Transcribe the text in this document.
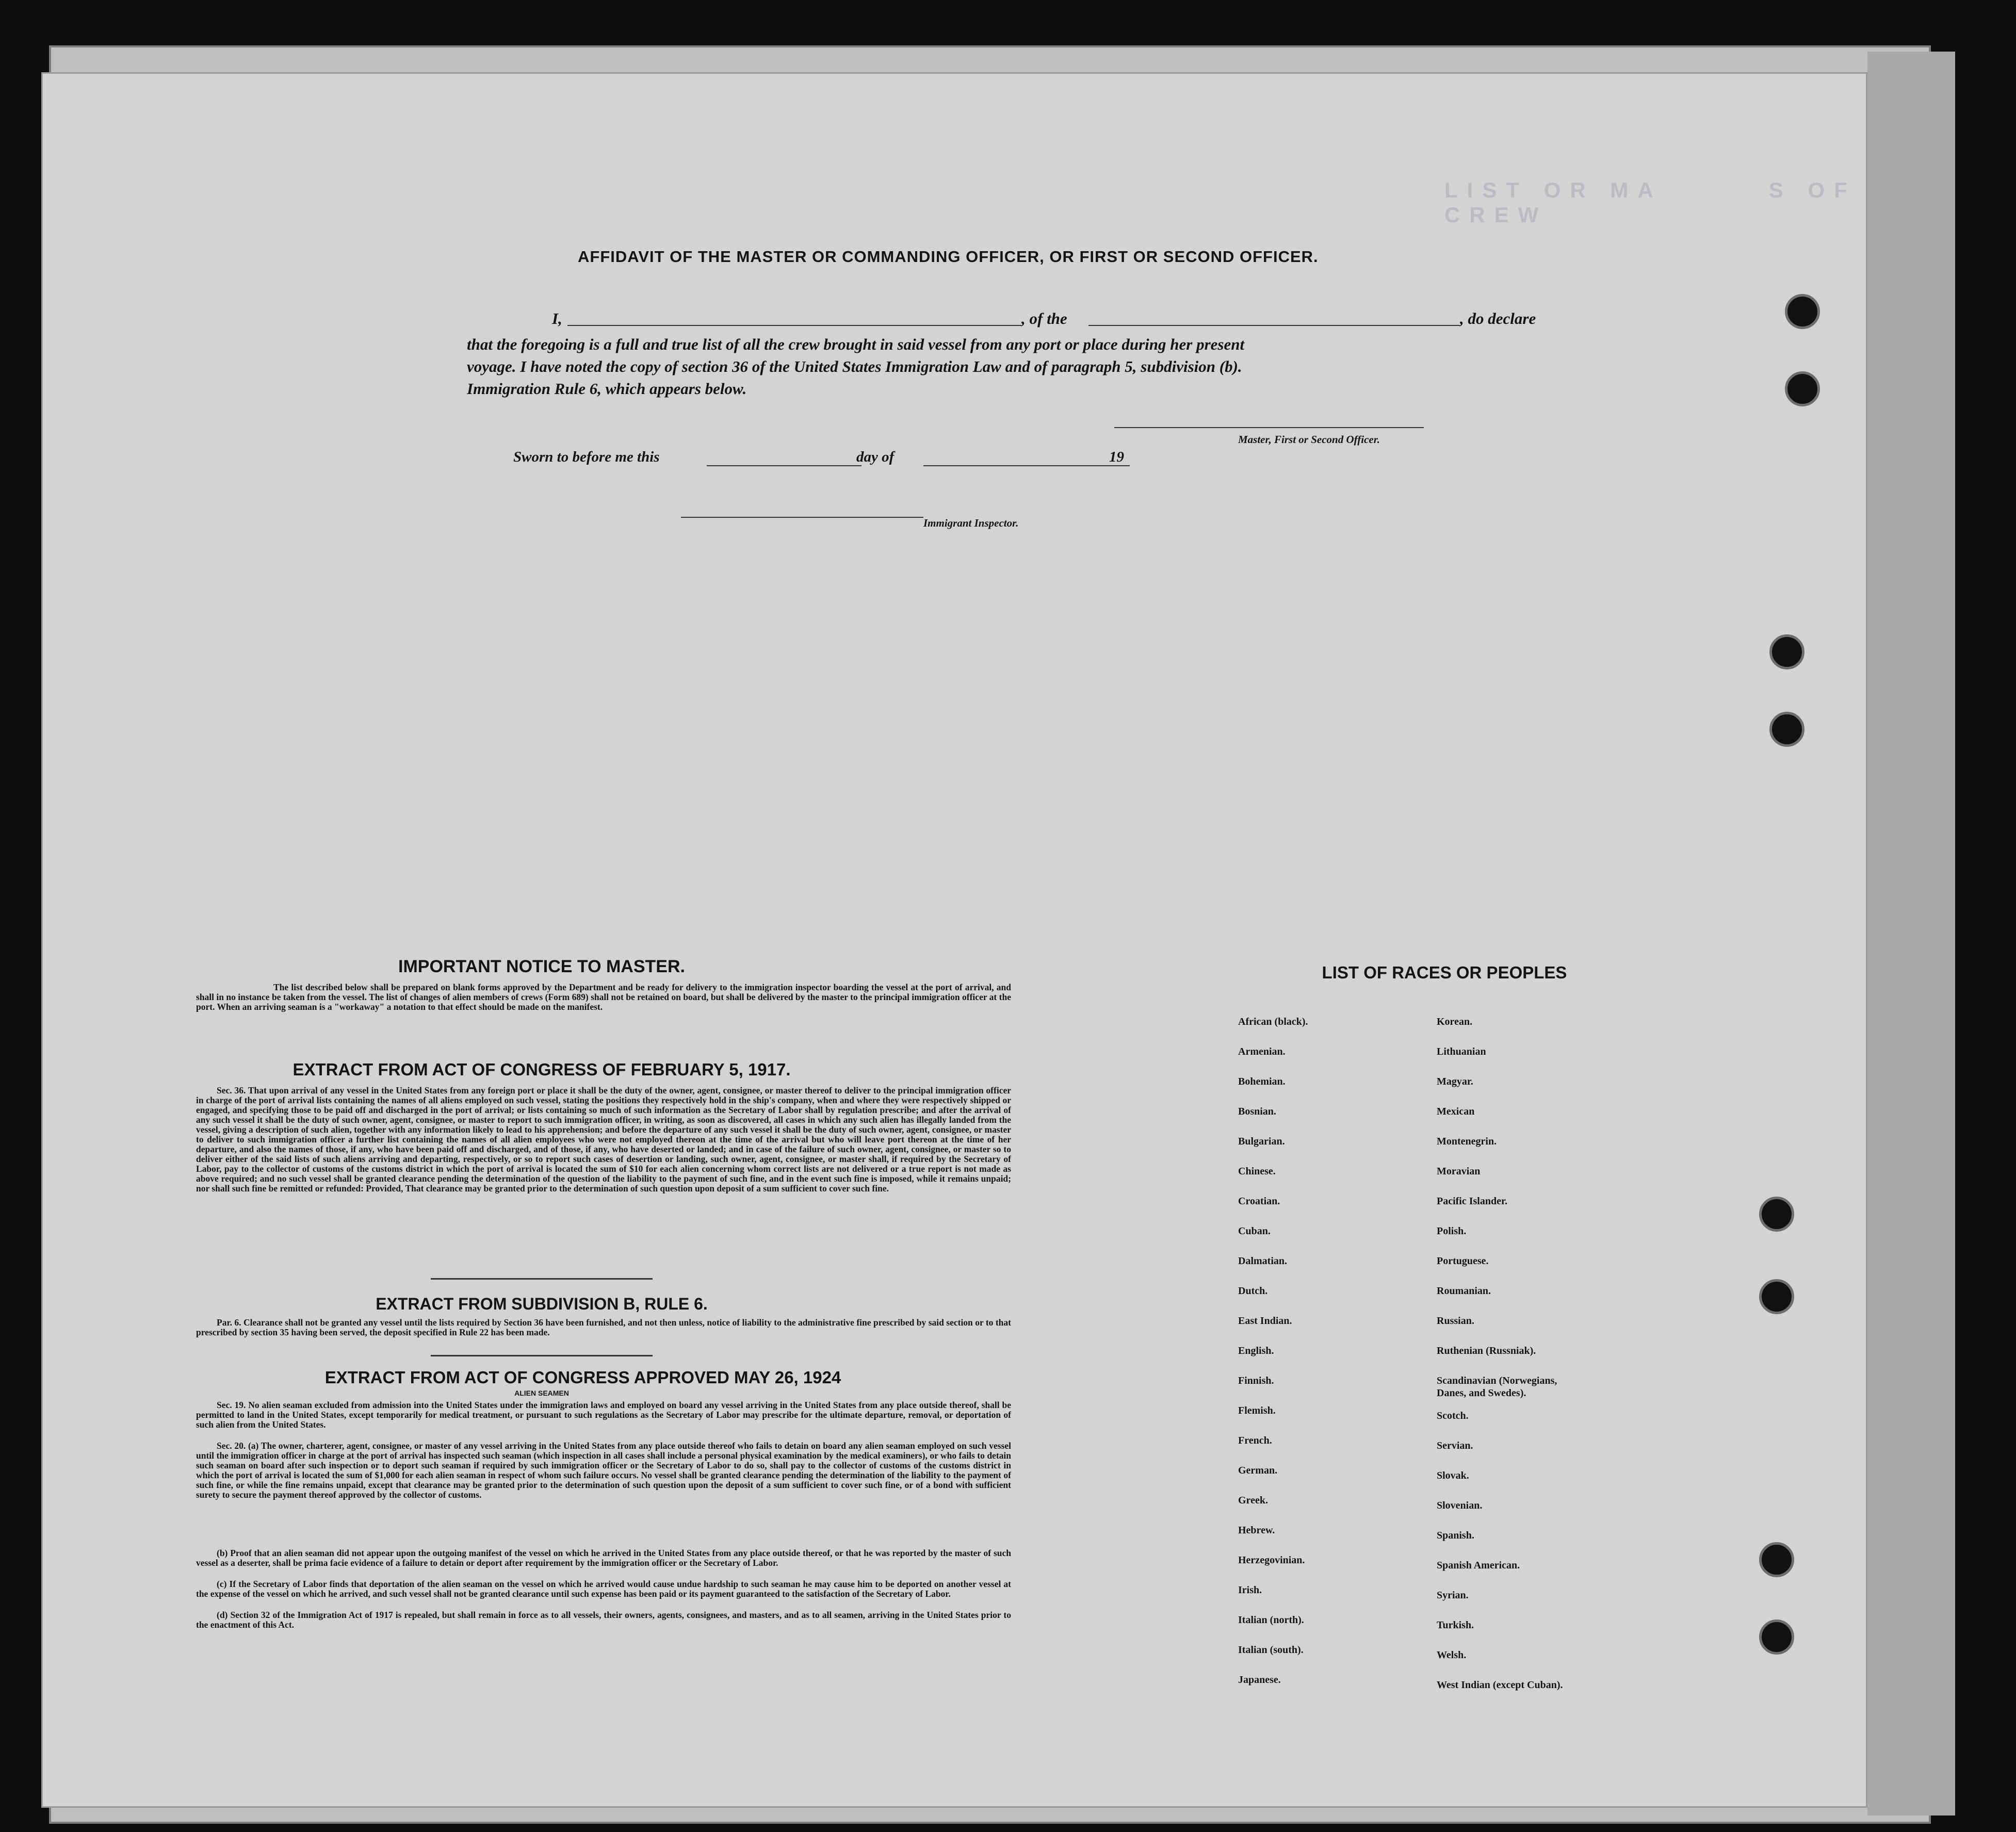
LIST OR MA       S OF CREW

AFFIDAVIT OF THE MASTER OR COMMANDING OFFICER, OR FIRST OR SECOND OFFICER.
I,	, of the	, do declare
that the foregoing is a full and true list of all the crew brought in said vessel from any port or place during her present
voyage. I have noted the copy of section 36 of the United States Immigration Law and of paragraph 5, subdivision (b).
Immigration Rule 6, which appears below.
Master, First or Second Officer.
Sworn to before me this	day of	19
Immigrant Inspector.
IMPORTANT NOTICE TO MASTER.
The list described below shall be prepared on blank forms approved by the Department and be ready for delivery to the immigration inspector boarding the vessel at the port of arrival, and shall in no instance be taken from the vessel. The list of changes of alien members of crews (Form 689) shall not be retained on board, but shall be delivered by the master to the principal immigration officer at the port. When an arriving seaman is a "workaway" a notation to that effect should be made on the manifest.
EXTRACT FROM ACT OF CONGRESS OF FEBRUARY 5, 1917.
Sec. 36. That upon arrival of any vessel in the United States from any foreign port or place it shall be the duty of the owner, agent, consignee, or master thereof to deliver to the principal immigration officer in charge of the port of arrival lists containing the names of all aliens employed on such vessel, stating the positions they respectively hold in the ship's company, when and where they were respectively shipped or engaged, and specifying those to be paid off and discharged in the port of arrival; or lists containing so much of such information as the Secretary of Labor shall by regulation prescribe; and after the arrival of any such vessel it shall be the duty of such owner, agent, consignee, or master to report to such immigration officer, in writing, as soon as discovered, all cases in which any such alien has illegally landed from the vessel, giving a description of such alien, together with any information likely to lead to his apprehension; and before the departure of any such vessel it shall be the duty of such owner, agent, consignee, or master to deliver to such immigration officer a further list containing the names of all alien employees who were not employed thereon at the time of the arrival but who will leave port thereon at the time of her departure, and also the names of those, if any, who have been paid off and discharged, and of those, if any, who have deserted or landed; and in case of the failure of such owner, agent, consignee, or master so to deliver either of the said lists of such aliens arriving and departing, respectively, or so to report such cases of desertion or landing, such owner, agent, consignee, or master shall, if required by the Secretary of Labor, pay to the collector of customs of the customs district in which the port of arrival is located the sum of $10 for each alien concerning whom correct lists are not delivered or a true report is not made as above required; and no such vessel shall be granted clearance pending the determination of the question of the liability to the payment of such fine, and in the event such fine is imposed, while it remains unpaid; nor shall such fine be remitted or refunded: Provided, That clearance may be granted prior to the determination of such question upon deposit of a sum sufficient to cover such fine.
EXTRACT FROM SUBDIVISION B, RULE 6.
Par. 6. Clearance shall not be granted any vessel until the lists required by Section 36 have been furnished, and not then unless, notice of liability to the administrative fine prescribed by said section or to that prescribed by section 35 having been served, the deposit specified in Rule 22 has been made.
EXTRACT FROM ACT OF CONGRESS APPROVED MAY 26, 1924
ALIEN SEAMEN
Sec. 19. No alien seaman excluded from admission into the United States under the immigration laws and employed on board any vessel arriving in the United States from any place outside thereof, shall be permitted to land in the United States, except temporarily for medical treatment, or pursuant to such regulations as the Secretary of Labor may prescribe for the ultimate departure, removal, or deportation of such alien from the United States.
Sec. 20. (a) The owner, charterer, agent, consignee, or master of any vessel arriving in the United States from any place outside thereof who fails to detain on board any alien seaman employed on such vessel until the immigration officer in charge at the port of arrival has inspected such seaman (which inspection in all cases shall include a personal physical examination by the medical examiners), or who fails to detain such seaman on board after such inspection or to deport such seaman if required by such immigration officer or the Secretary of Labor to do so, shall pay to the collector of customs of the customs district in which the port of arrival is located the sum of $1,000 for each alien seaman in respect of whom such failure occurs. No vessel shall be granted clearance pending the determination of the liability to the payment of such fine, or while the fine remains unpaid, except that clearance may be granted prior to the determination of such question upon the deposit of a sum sufficient to cover such fine, or of a bond with sufficient surety to secure the payment thereof approved by the collector of customs.
(b) Proof that an alien seaman did not appear upon the outgoing manifest of the vessel on which he arrived in the United States from any place outside thereof, or that he was reported by the master of such vessel as a deserter, shall be prima facie evidence of a failure to detain or deport after requirement by the immigration officer or the Secretary of Labor.
(c) If the Secretary of Labor finds that deportation of the alien seaman on the vessel on which he arrived would cause undue hardship to such seaman he may cause him to be deported on another vessel at the expense of the vessel on which he arrived, and such vessel shall not be granted clearance until such expense has been paid or its payment guaranteed to the satisfaction of the Secretary of Labor.
(d) Section 32 of the Immigration Act of 1917 is repealed, but shall remain in force as to all vessels, their owners, agents, consignees, and masters, and as to all seamen, arriving in the United States prior to the enactment of this Act.
LIST OF RACES OR PEOPLES
African (black).
Armenian.
Bohemian.
Bosnian.
Bulgarian.
Chinese.
Croatian.
Cuban.
Dalmatian.
Dutch.
East Indian.
English.
Finnish.
Flemish.
French.
German.
Greek.
Hebrew.
Herzegovinian.
Irish.
Italian (north).
Italian (south).
Japanese.
Korean.
Lithuanian
Magyar.
Mexican
Montenegrin.
Moravian
Pacific Islander.
Polish.
Portuguese.
Roumanian.
Russian.
Ruthenian (Russniak).
Scandinavian (Norwegians,
Danes, and Swedes).
Scotch.
Servian.
Slovak.
Slovenian.
Spanish.
Spanish American.
Syrian.
Turkish.
Welsh.
West Indian (except Cuban).
